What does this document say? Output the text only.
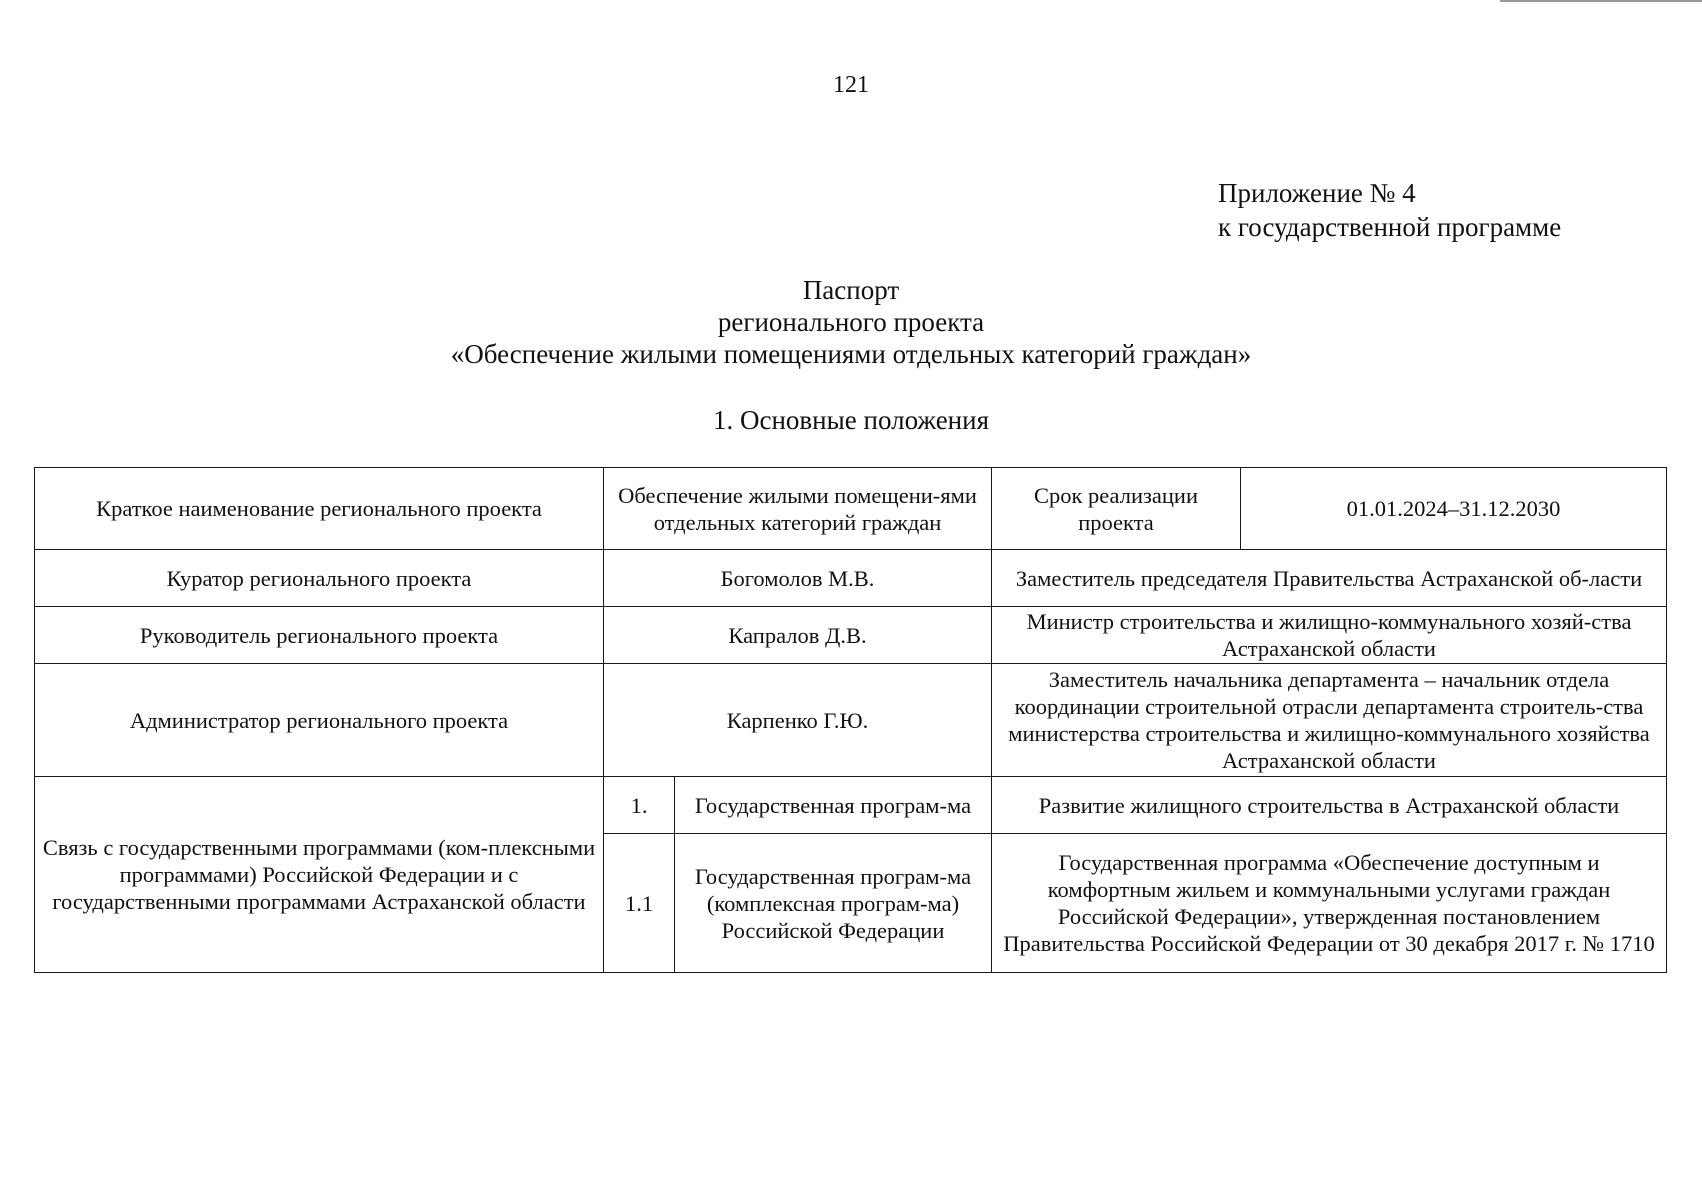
121
Приложение № 4
к государственной программе
Паспорт
регионального проекта
«Обеспечение жилыми помещениями отдельных категорий граждан»
1. Основные положения
Краткое наименование регионального проекта	Обеспечение жилыми помещени-ями отдельных категорий граждан		Срок реализации проекта	01.01.2024–31.12.2030
Куратор регионального проекта	Богомолов М.В.		Заместитель председателя Правительства Астраханской об-ласти	
Руководитель регионального проекта	Капралов Д.В.		Министр строительства и жилищно-коммунального хозяй-ства Астраханской области	
Администратор регионального проекта	Карпенко Г.Ю.		Заместитель начальника департамента – начальник отдела координации строительной отрасли департамента строитель-ства министерства строительства и жилищно-коммунального хозяйства Астраханской области	
Связь с государственными программами (ком-плексными программами) Российской Федерации и с государственными программами Астраханской области	1.	Государственная програм-ма	Развитие жилищного строительства в Астраханской области	
	1.1	Государственная програм-ма (комплексная програм-ма) Российской Федерации	Государственная программа «Обеспечение доступным и комфортным жильем и коммунальными услугами граждан Российской Федерации», утвержденная постановлением Правительства Российской Федерации от 30 декабря 2017 г. № 1710	
